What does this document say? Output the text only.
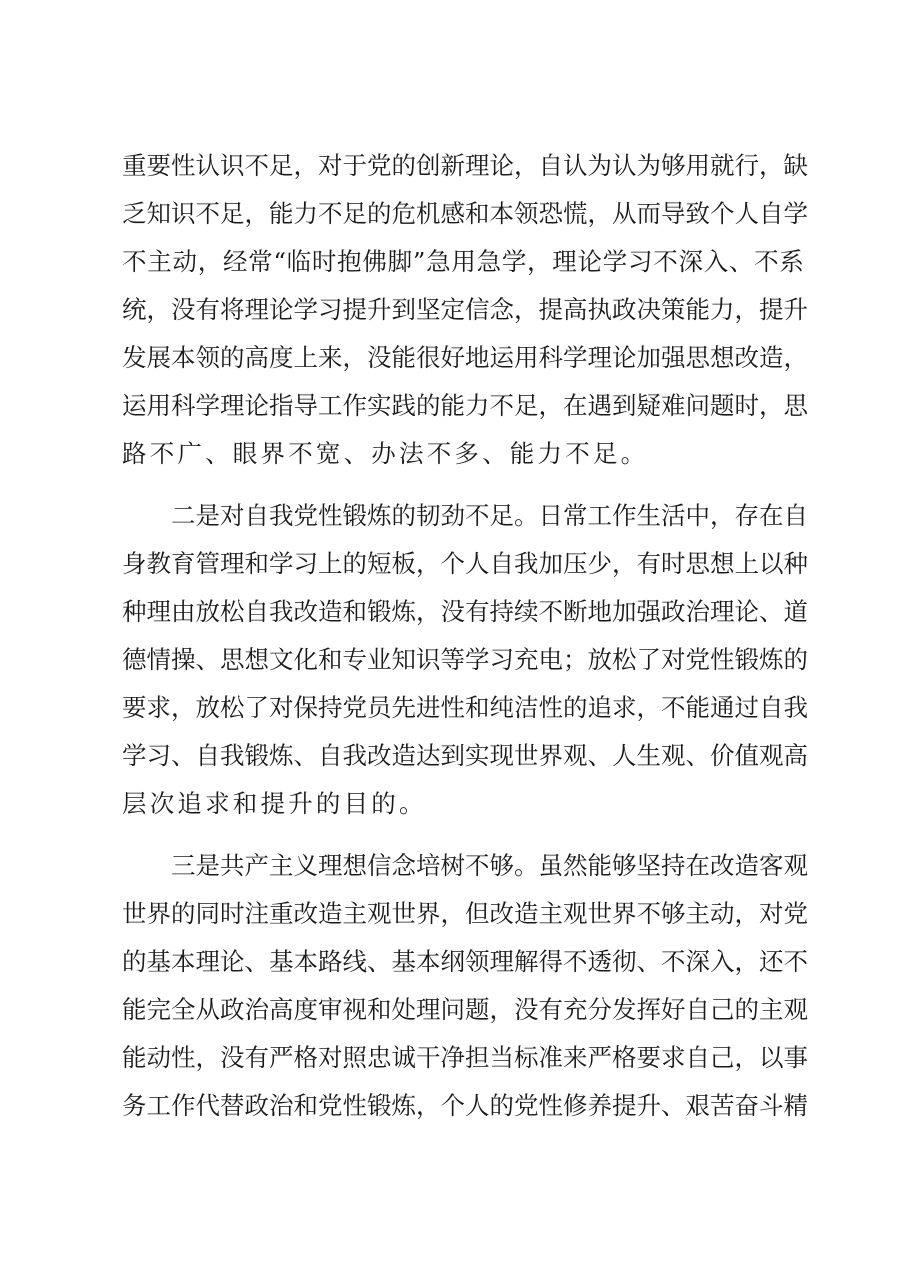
重 要 性 认 识 不 足 ， 对 于 党 的 创 新 理 论 ， 自 认 为 认 为 够 用 就 行 ， 缺
乏 知 识 不 足 ， 能 力 不 足 的 危 机 感 和 本 领 恐 慌 ， 从 而 导 致 个 人 自 学
不 主 动 ， 经 常 “ 临 时 抱 佛 脚 ” 急 用 急 学 ， 理 论 学 习 不 深 入 、 不 系
统 ， 没 有 将 理 论 学 习 提 升 到 坚 定 信 念 ， 提 高 执 政 决 策 能 力 ， 提 升
发 展 本 领 的 高 度 上 来 ， 没 能 很 好 地 运 用 科 学 理 论 加 强 思 想 改 造 ，
运 用 科 学 理 论 指 导 工 作 实 践 的 能 力 不 足 ， 在 遇 到 疑 难 问 题 时 ， 思
路不广、眼界不宽、办法不多、能力不足。
二 是 对 自 我 党 性 锻 炼 的 韧 劲 不 足 。 日 常 工 作 生 活 中 ， 存 在 自
身 教 育 管 理 和 学 习 上 的 短 板 ， 个 人 自 我 加 压 少 ， 有 时 思 想 上 以 种
种 理 由 放 松 自 我 改 造 和 锻 炼 ， 没 有 持 续 不 断 地 加 强 政 治 理 论 、 道
德 情 操 、 思 想 文 化 和 专 业 知 识 等 学 习 充 电 ； 放 松 了 对 党 性 锻 炼 的
要 求 ， 放 松 了 对 保 持 党 员 先 进 性 和 纯 洁 性 的 追 求 ， 不 能 通 过 自 我
学 习 、 自 我 锻 炼 、 自 我 改 造 达 到 实 现 世 界 观 、 人 生 观 、 价 值 观 高
层次追求和提升的目的。
三 是 共 产 主 义 理 想 信 念 培 树 不 够 。 虽 然 能 够 坚 持 在 改 造 客 观
世 界 的 同 时 注 重 改 造 主 观 世 界 ， 但 改 造 主 观 世 界 不 够 主 动 ， 对 党
的 基 本 理 论 、 基 本 路 线 、 基 本 纲 领 理 解 得 不 透 彻 、 不 深 入 ， 还 不
能 完 全 从 政 治 高 度 审 视 和 处 理 问 题 ， 没 有 充 分 发 挥 好 自 己 的 主 观
能 动 性 ， 没 有 严 格 对 照 忠 诚 干 净 担 当 标 准 来 严 格 要 求 自 己 ， 以 事
务 工 作 代 替 政 治 和 党 性 锻 炼 ， 个 人 的 党 性 修 养 提 升 、 艰 苦 奋 斗 精
